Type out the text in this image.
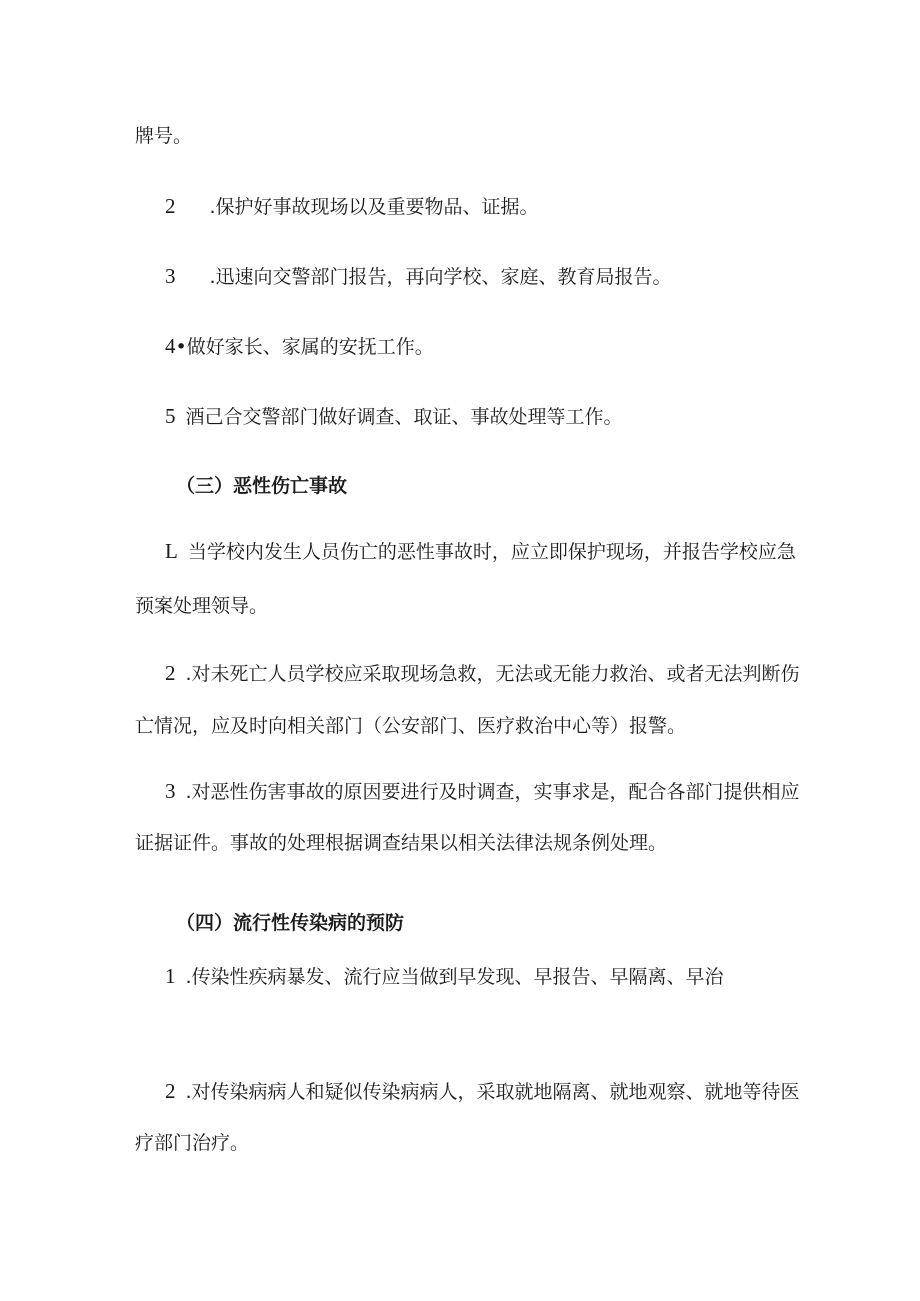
牌号。
2 .保护好事故现场以及重要物品、证据。
3 .迅速向交警部门报告，再向学校、家庭、教育局报告。
4•做好家长、家属的安抚工作。
5 酒己合交警部门做好调查、取证、事故处理等工作。
（三）恶性伤亡事故
L 当学校内发生人员伤亡的恶性事故时，应立即保护现场，并报告学校应急
预案处理领导。
2 .对未死亡人员学校应采取现场急救，无法或无能力救治、或者无法判断伤
亡情况，应及时向相关部门（公安部门、医疗救治中心等）报警。
3 .对恶性伤害事故的原因要进行及时调查，实事求是，配合各部门提供相应
证据证件。事故的处理根据调查结果以相关法律法规条例处理。
（四）流行性传染病的预防
1 .传染性疾病暴发、流行应当做到早发现、早报告、早隔离、早治
2 .对传染病病人和疑似传染病病人，采取就地隔离、就地观察、就地等待医
疗部门治疗。
